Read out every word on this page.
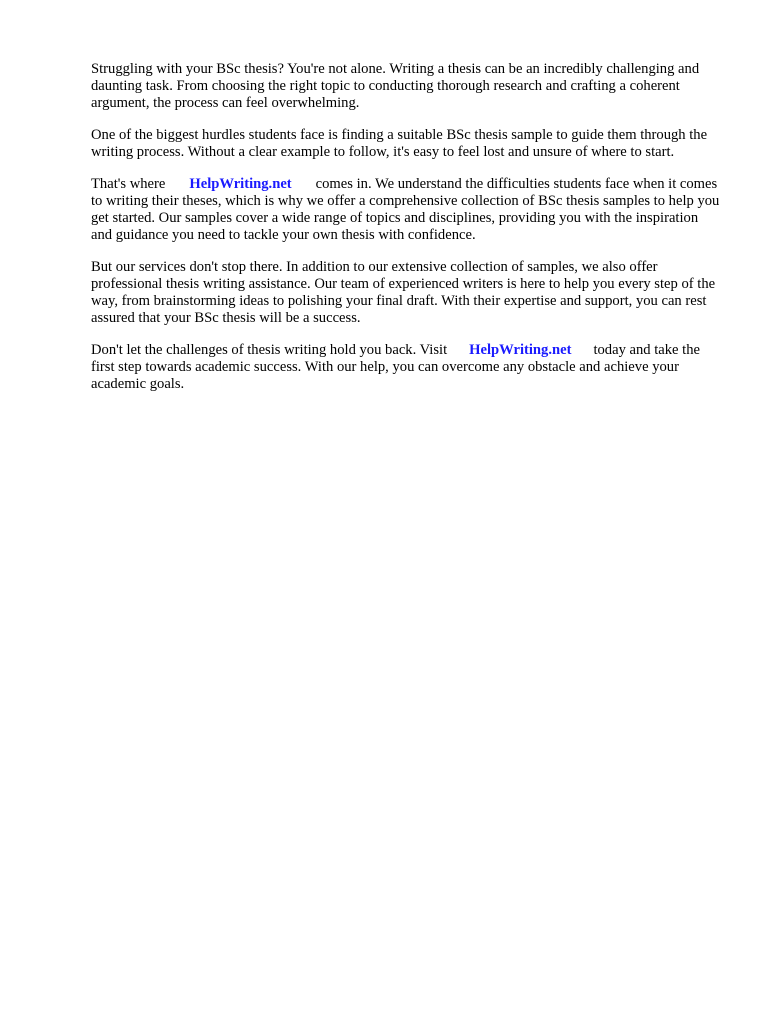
Struggling with your BSc thesis? You're not alone. Writing a thesis can be an incredibly challenging and daunting task. From choosing the right topic to conducting thorough research and crafting a coherent argument, the process can feel overwhelming.

One of the biggest hurdles students face is finding a suitable BSc thesis sample to guide them through the writing process. Without a clear example to follow, it's easy to feel lost and unsure of where to start.

That's where HelpWriting.net comes in. We understand the difficulties students face when it comes to writing their theses, which is why we offer a comprehensive collection of BSc thesis samples to help you get started. Our samples cover a wide range of topics and disciplines, providing you with the inspiration and guidance you need to tackle your own thesis with confidence.

But our services don't stop there. In addition to our extensive collection of samples, we also offer professional thesis writing assistance. Our team of experienced writers is here to help you every step of the way, from brainstorming ideas to polishing your final draft. With their expertise and support, you can rest assured that your BSc thesis will be a success.

Don't let the challenges of thesis writing hold you back. Visit HelpWriting.net today and take the first step towards academic success. With our help, you can overcome any obstacle and achieve your academic goals.
